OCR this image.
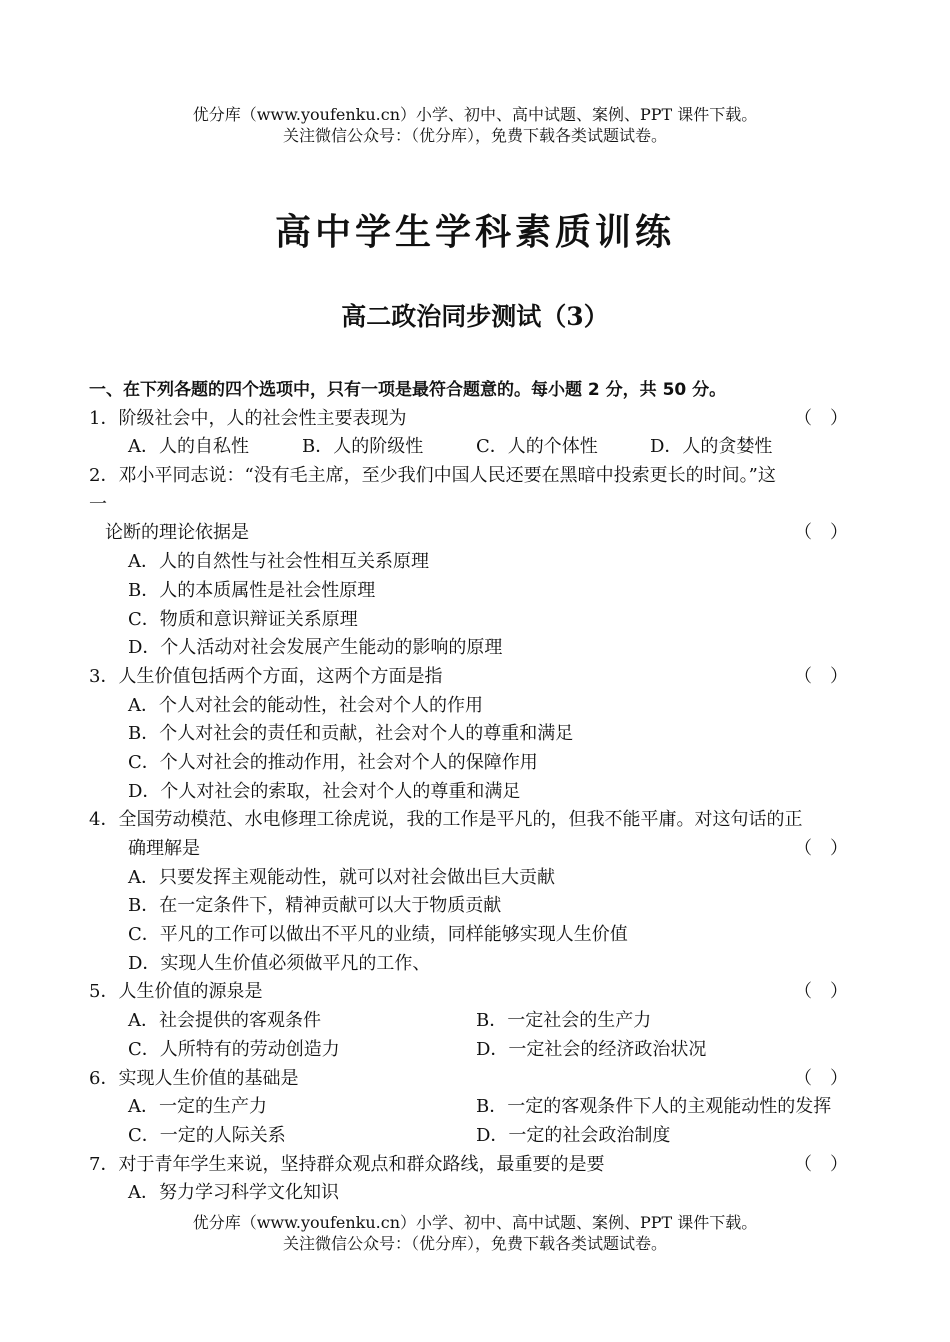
优分库（www.youfenku.cn）小学、初中、高中试题、案例、PPT 课件下载。
关注微信公众号：（优分库），免费下载各类试题试卷。
高中学生学科素质训练
高二政治同步测试（3）
一、在下列各题的四个选项中，只有一项是最符合题意的。每小题 2 分，共 50 分。
1．阶级社会中，人的社会性主要表现为	（　）
A．人的自私性	B．人的阶级性	C．人的个体性	D．人的贪婪性
2．邓小平同志说：“没有毛主席，至少我们中国人民还要在黑暗中投索更长的时间。”这
一
论断的理论依据是	（　）
A．人的自然性与社会性相互关系原理
B．人的本质属性是社会性原理
C．物质和意识辩证关系原理
D．个人活动对社会发展产生能动的影响的原理
3．人生价值包括两个方面，这两个方面是指	（　）
A．个人对社会的能动性，社会对个人的作用
B．个人对社会的责任和贡献，社会对个人的尊重和满足
C．个人对社会的推动作用，社会对个人的保障作用
D．个人对社会的索取，社会对个人的尊重和满足
4．全国劳动模范、水电修理工徐虎说，我的工作是平凡的，但我不能平庸。对这句话的正
确理解是	（　）
A．只要发挥主观能动性，就可以对社会做出巨大贡献
B．在一定条件下，精神贡献可以大于物质贡献
C．平凡的工作可以做出不平凡的业绩，同样能够实现人生价值
D．实现人生价值必须做平凡的工作、
5．人生价值的源泉是	（　）
A．社会提供的客观条件	B．一定社会的生产力
C．人所特有的劳动创造力	D．一定社会的经济政治状况
6．实现人生价值的基础是	（　）
A．一定的生产力	B．一定的客观条件下人的主观能动性的发挥
C．一定的人际关系	D．一定的社会政治制度
7．对于青年学生来说，坚持群众观点和群众路线，最重要的是要	（　）
A．努力学习科学文化知识
优分库（www.youfenku.cn）小学、初中、高中试题、案例、PPT 课件下载。
关注微信公众号：（优分库），免费下载各类试题试卷。
